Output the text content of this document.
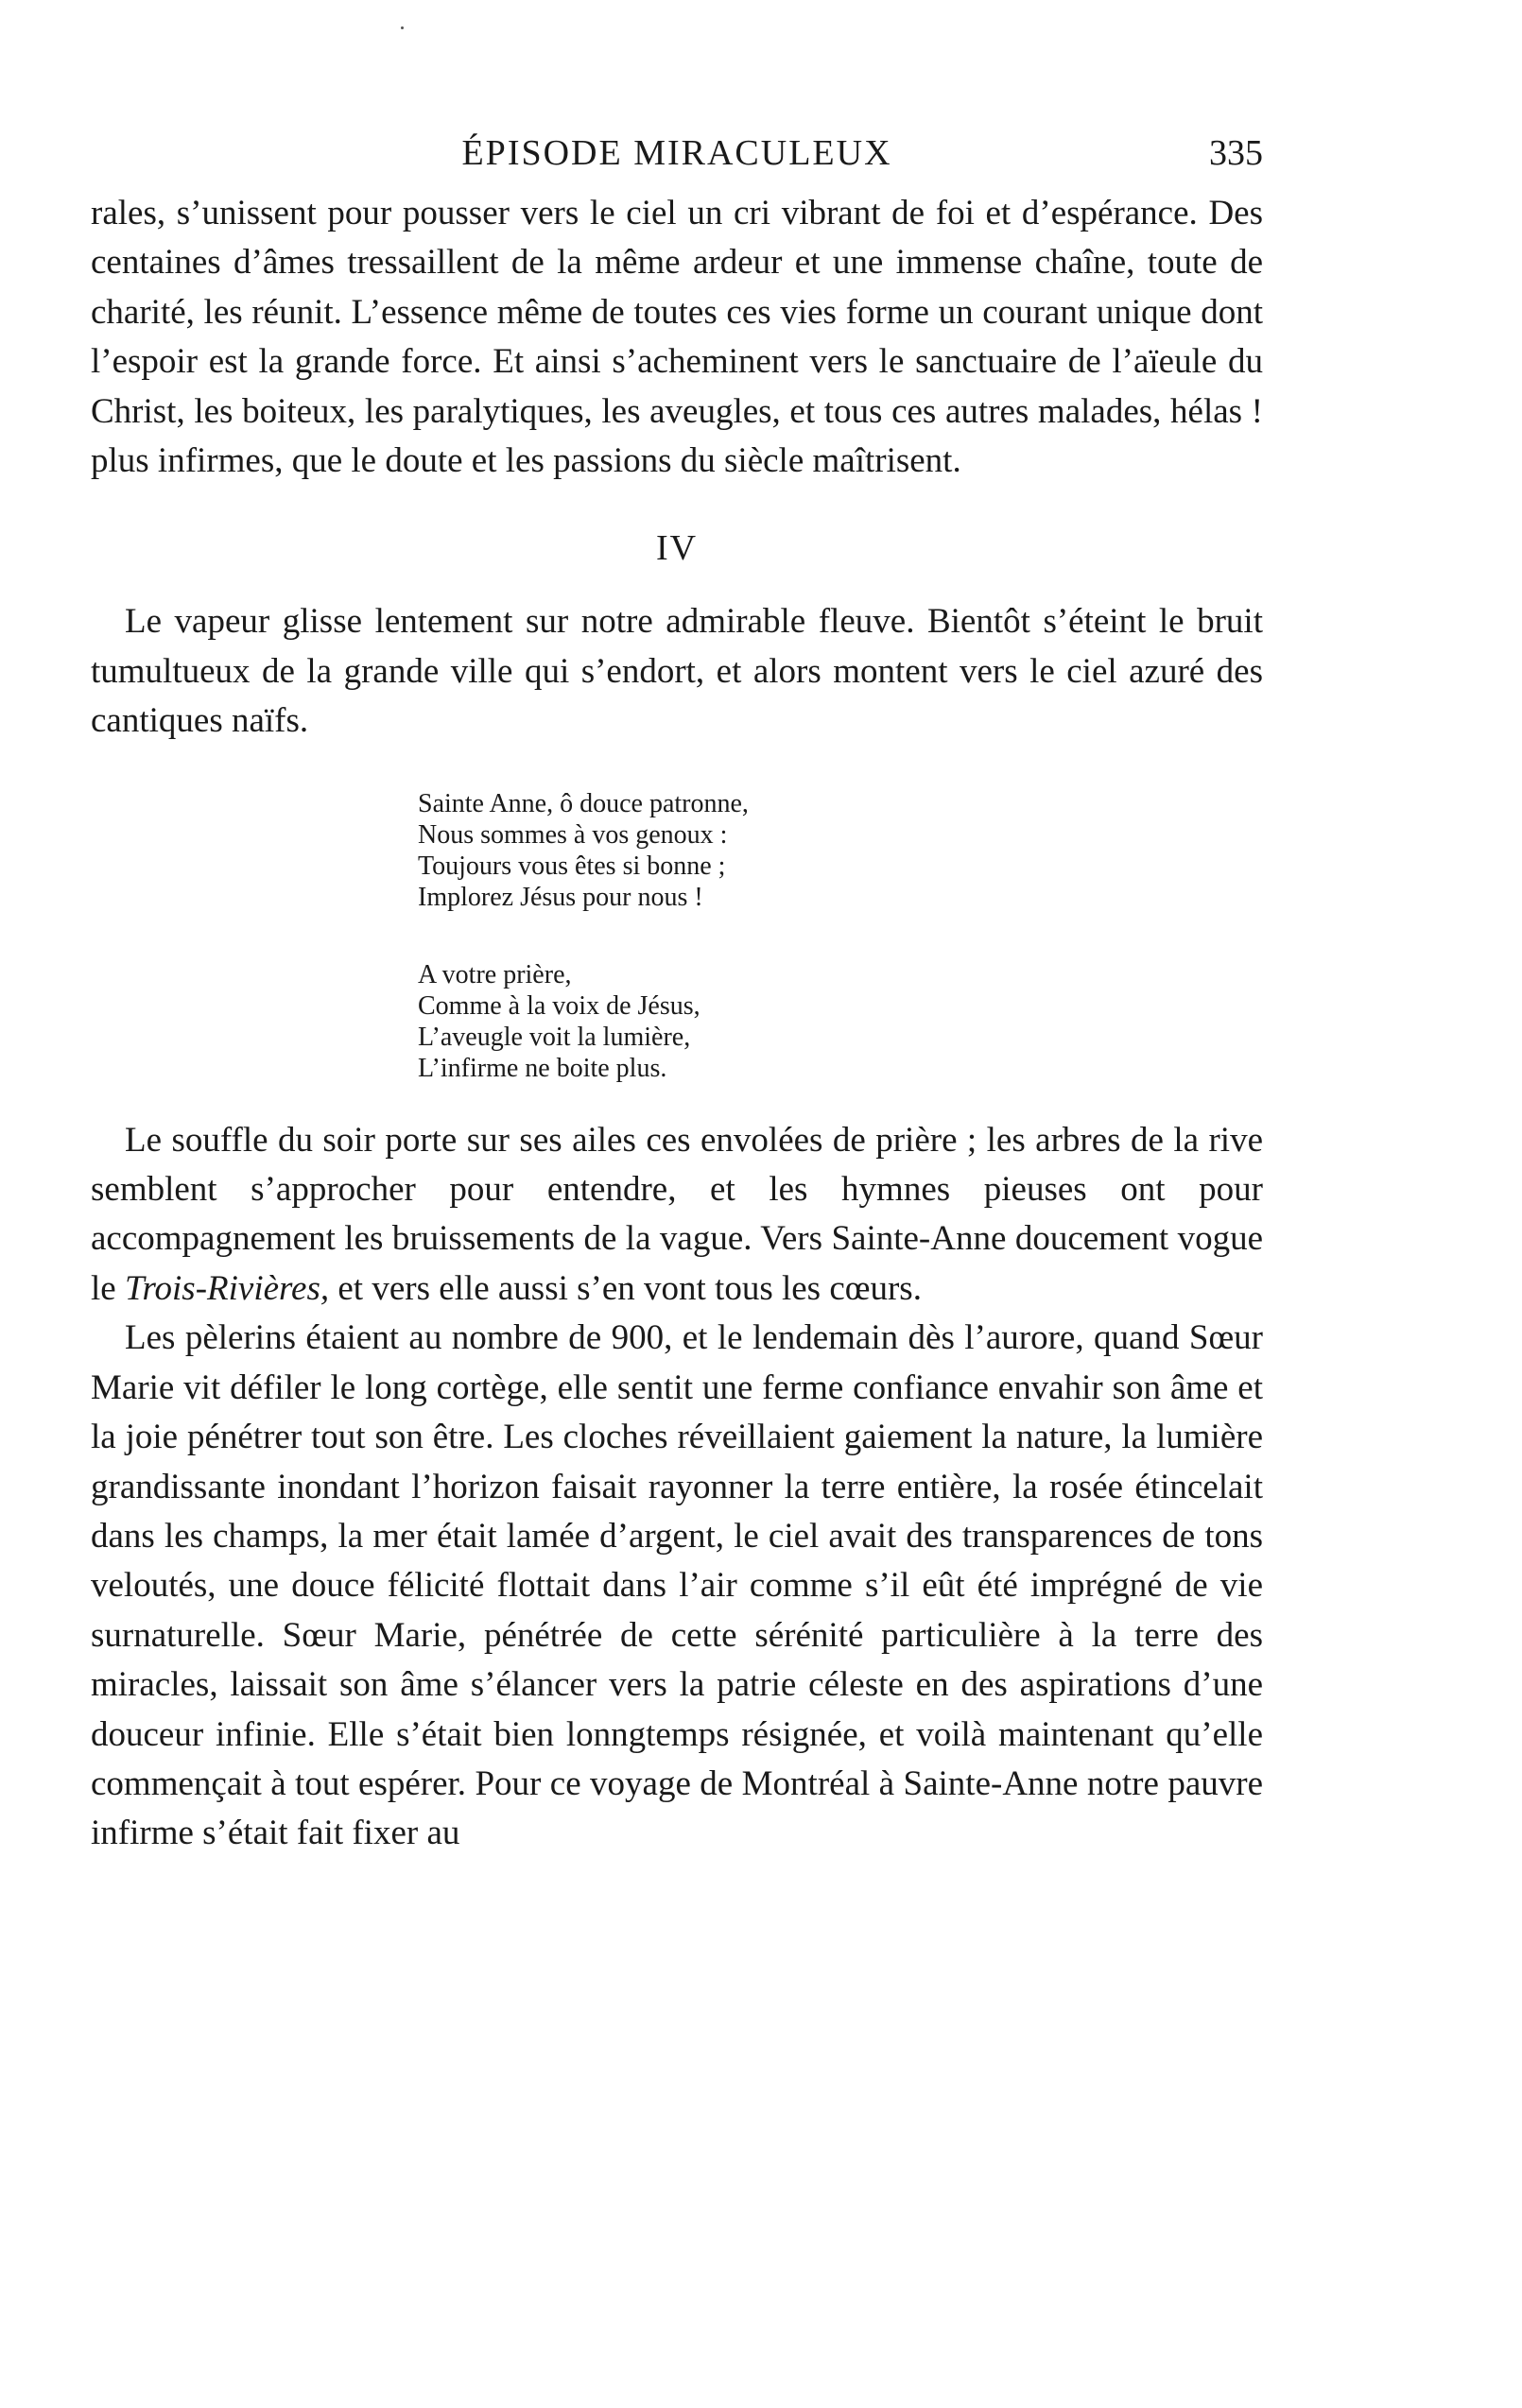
ÉPISODE MIRACULEUX	335

rales, s’unissent pour pousser vers le ciel un cri vibrant de foi et d’espérance. Des centaines d’âmes tressaillent de la même ardeur et une immense chaîne, toute de charité, les réunit. L’essence même de toutes ces vies forme un courant unique dont l’espoir est la grande force. Et ainsi s’acheminent vers le sanctuaire de l’aïeule du Christ, les boiteux, les paralytiques, les aveugles, et tous ces autres malades, hélas ! plus infirmes, que le doute et les passions du siècle maîtrisent.

IV

Le vapeur glisse lentement sur notre admirable fleuve. Bientôt s’éteint le bruit tumultueux de la grande ville qui s’endort, et alors montent vers le ciel azuré des cantiques naïfs.

Sainte Anne, ô douce patronne,
Nous sommes à vos genoux :
Toujours vous êtes si bonne ;
Implorez Jésus pour nous !
A votre prière,
Comme à la voix de Jésus,
L’aveugle voit la lumière,
L’infirme ne boite plus.

Le souffle du soir porte sur ses ailes ces envolées de prière ; les arbres de la rive semblent s’approcher pour entendre, et les hymnes pieuses ont pour accompagnement les bruissements de la vague. Vers Sainte-Anne doucement vogue le Trois-Rivières, et vers elle aussi s’en vont tous les cœurs.

Les pèlerins étaient au nombre de 900, et le lendemain dès l’aurore, quand Sœur Marie vit défiler le long cortège, elle sentit une ferme confiance envahir son âme et la joie pénétrer tout son être. Les cloches réveillaient gaiement la nature, la lumière grandissante inondant l’horizon faisait rayonner la terre entière, la rosée étincelait dans les champs, la mer était lamée d’argent, le ciel avait des transparences de tons veloutés, une douce félicité flottait dans l’air comme s’il eût été imprégné de vie surnaturelle. Sœur Marie, pénétrée de cette sérénité particulière à la terre des miracles, laissait son âme s’élancer vers la patrie céleste en des aspirations d’une douceur infinie. Elle s’était bien lonngtemps résignée, et voilà maintenant qu’elle commençait à tout espérer. Pour ce voyage de Montréal à Sainte-Anne notre pauvre infirme s’était fait fixer au
